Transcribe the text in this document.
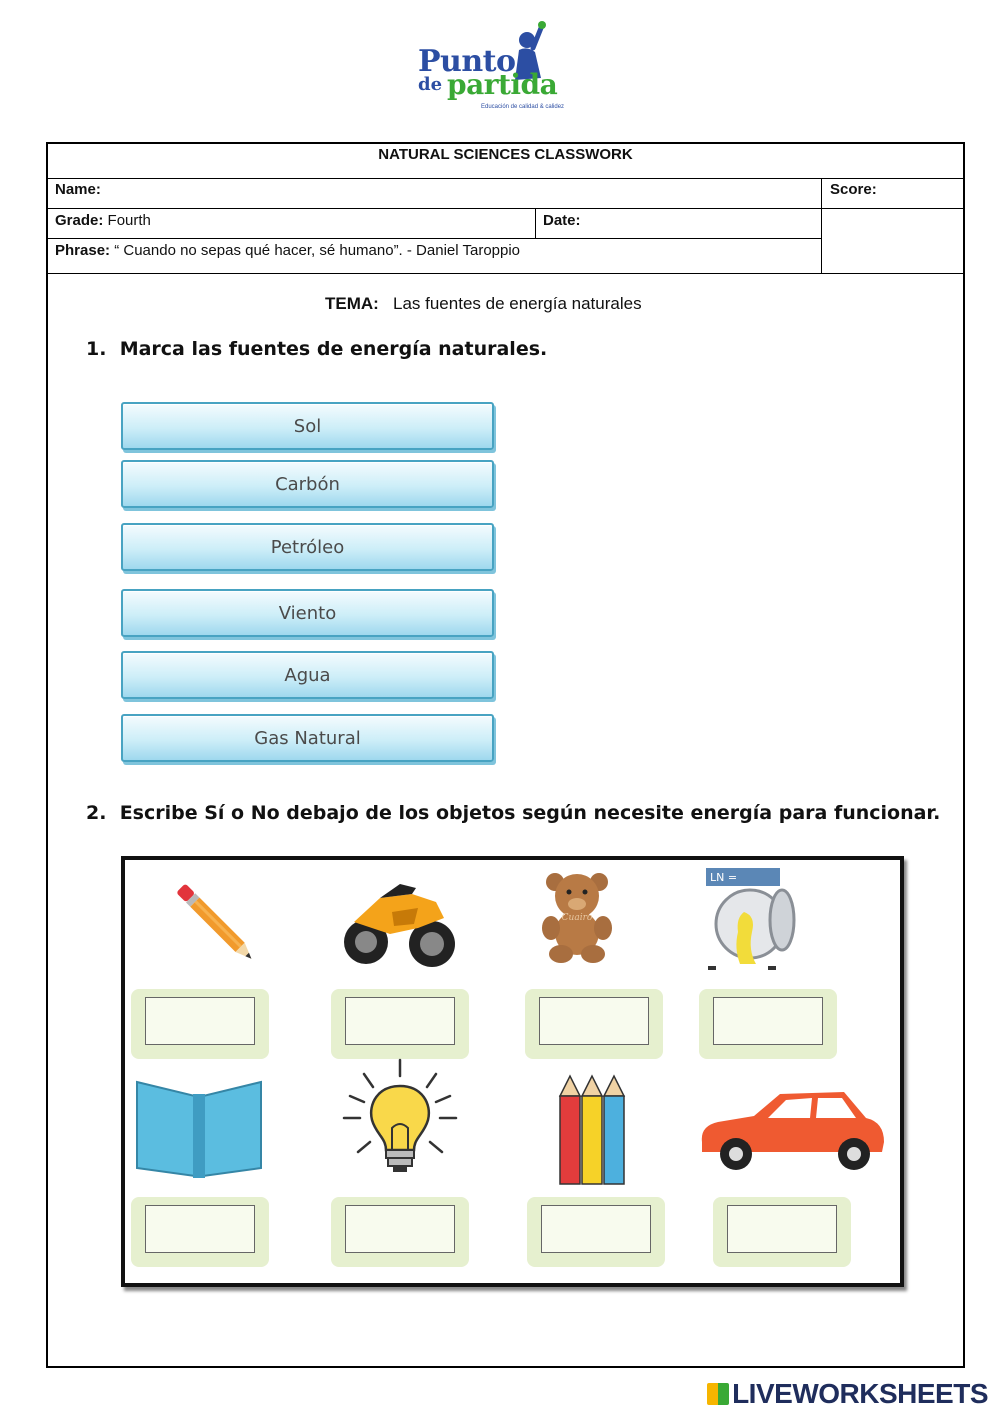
Punto
de partida
Educación de calidad & calidez
NATURAL SCIENCES CLASSWORK
Name:	Score:
Grade: Fourth	Date:
Phrase: “ Cuando no sepas qué hacer, sé humano”. - Daniel Taroppio
TEMA: Las fuentes de energía naturales
1. Marca las fuentes de energía naturales.
Sol
Carbón
Petróleo
Viento
Agua
Gas Natural
2. Escribe Sí o No debajo de los objetos según necesite energía para funcionar.
Cuairo
LN =
LIVEWORKSHEETS
